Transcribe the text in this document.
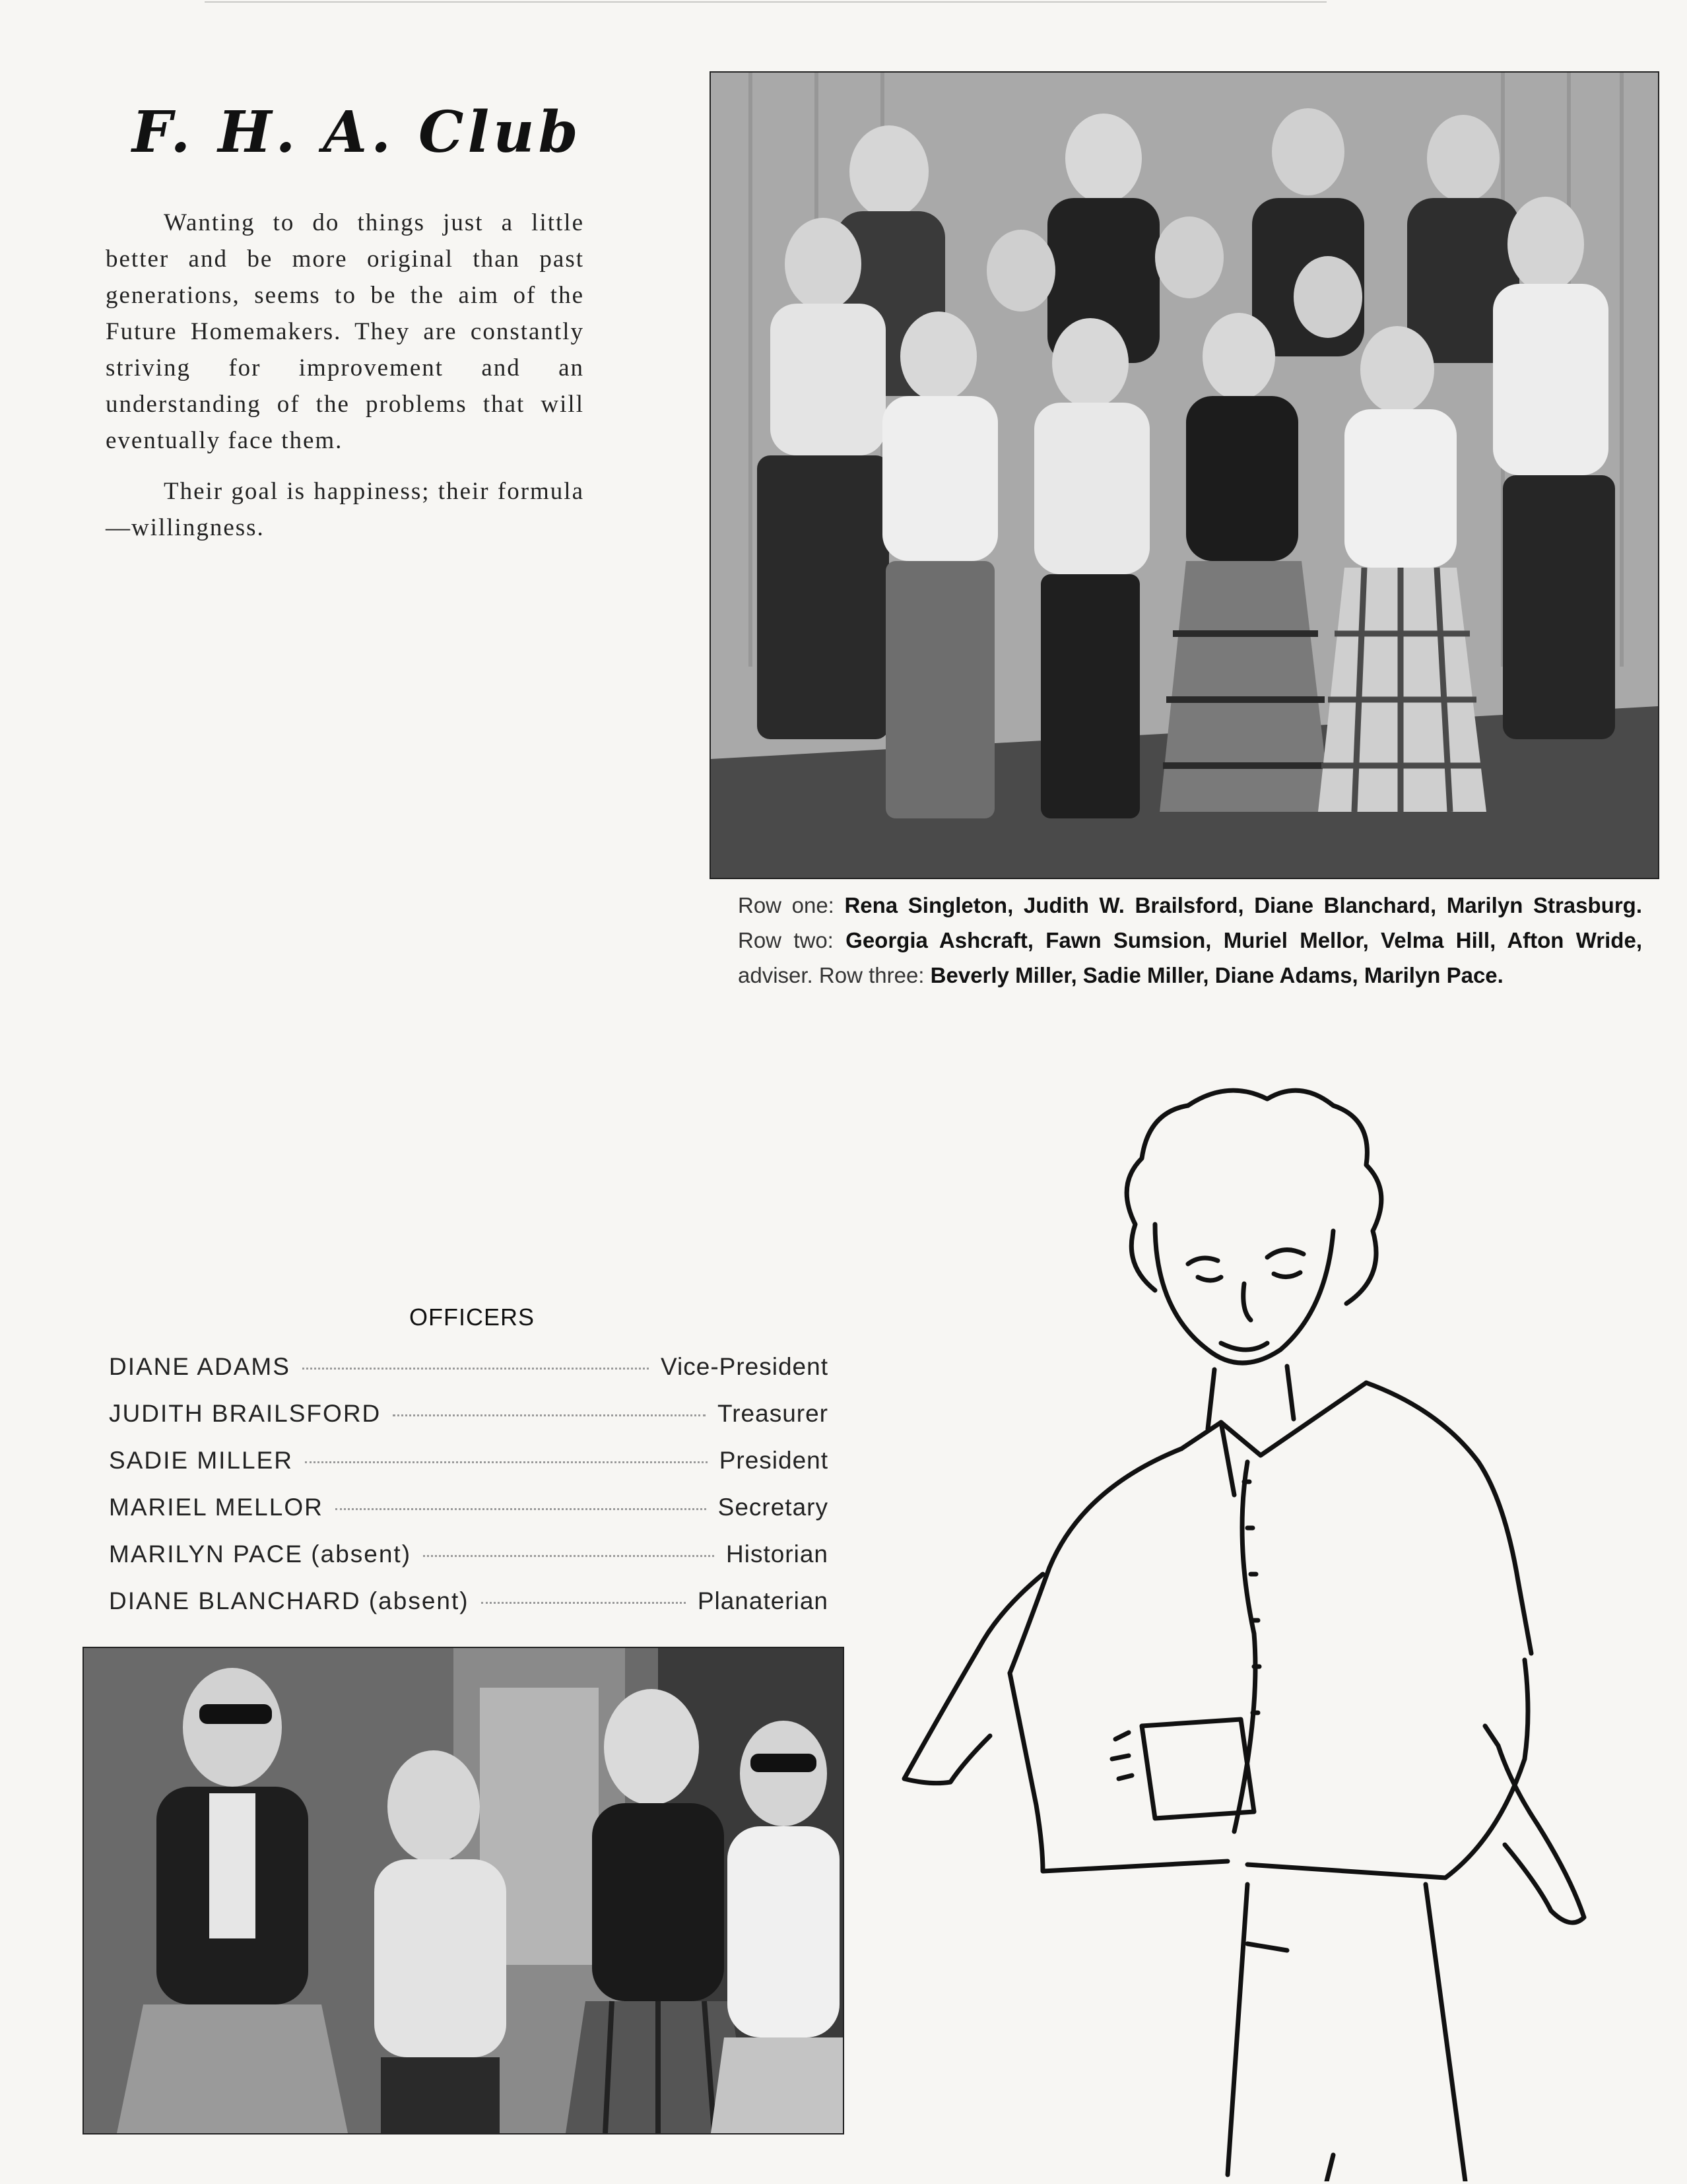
F. H. A. Club

Wanting to do things just a little better and be more original than past generations, seems to be the aim of the Future Homemakers. They are constantly striving for improvement and an understanding of the problems that will eventually face them.

Their goal is happiness; their formula—willingness.

Row one: Rena Singleton, Judith W. Brailsford, Diane Blanchard, Marilyn Strasburg. Row two: Georgia Ashcraft, Fawn Sumsion, Muriel Mellor, Velma Hill, Afton Wride, adviser. Row three: Beverly Miller, Sadie Miller, Diane Adams, Marilyn Pace.
OFFICERS
DIANE ADAMS	Vice-President
JUDITH BRAILSFORD	Treasurer
SADIE MILLER	President
MARIEL MELLOR	Secretary
MARILYN PACE (absent)	Historian
DIANE BLANCHARD (absent)	Planaterian
